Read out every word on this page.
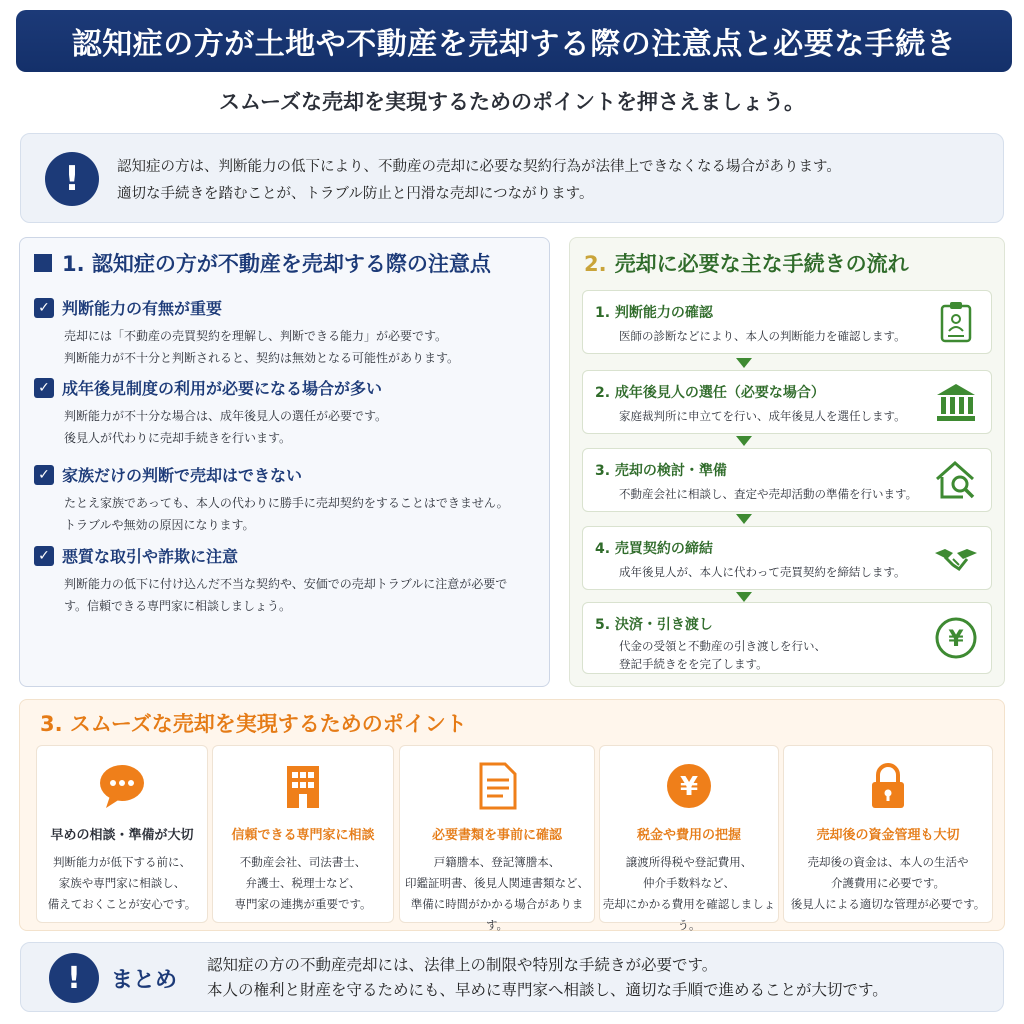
認知症の方が土地や不動産を売却する際の注意点と必要な手続き
スムーズな売却を実現するためのポイントを押さえましょう。
!	認知症の方は、判断能力の低下により、不動産の売却に必要な契約行為が法律上できなくなる場合があります。
適切な手続きを踏むことが、トラブル防止と円滑な売却につながります。
1. 認知症の方が不動産を売却する際の注意点
✓ 判断能力の有無が重要
売却には「不動産の売買契約を理解し、判断できる能力」が必要です。
判断能力が不十分と判断されると、契約は無効となる可能性があります。
✓ 成年後見制度の利用が必要になる場合が多い
判断能力が不十分な場合は、成年後見人の選任が必要です。
後見人が代わりに売却手続きを行います。
✓ 家族だけの判断で売却はできない
たとえ家族であっても、本人の代わりに勝手に売却契約をすることはできません。
トラブルや無効の原因になります。
✓ 悪質な取引や詐欺に注意
判断能力の低下に付け込んだ不当な契約や、安価での売却トラブルに注意が必要で
す。信頼できる専門家に相談しましょう。
2. 売却に必要な主な手続きの流れ
1. 判断能力の確認
医師の診断などにより、本人の判断能力を確認します。
2. 成年後見人の選任（必要な場合）
家庭裁判所に申立てを行い、成年後見人を選任します。
3. 売却の検討・準備
不動産会社に相談し、査定や売却活動の準備を行います。
4. 売買契約の締結
成年後見人が、本人に代わって売買契約を締結します。
5. 決済・引き渡し
代金の受領と不動産の引き渡しを行い、
登記手続きをを完了します。
¥
3. スムーズな売却を実現するためのポイント
早めの相談・準備が大切
判断能力が低下する前に、
家族や専門家に相談し、
備えておくことが安心です。
信頼できる専門家に相談
不動産会社、司法書士、
弁護士、税理士など、
専門家の連携が重要です。
必要書類を事前に確認
戸籍謄本、登記簿謄本、
印鑑証明書、後見人関連書類など、
準備に時間がかかる場合があります。
¥
税金や費用の把握
譲渡所得税や登記費用、
仲介手数料など、
売却にかかる費用を確認しましょう。
売却後の資金管理も大切
売却後の資金は、本人の生活や
介護費用に必要です。
後見人による適切な管理が必要です。
!	まとめ
認知症の方の不動産売却には、法律上の制限や特別な手続きが必要です。
本人の権利と財産を守るためにも、早めに専門家へ相談し、適切な手順で進めることが大切です。
